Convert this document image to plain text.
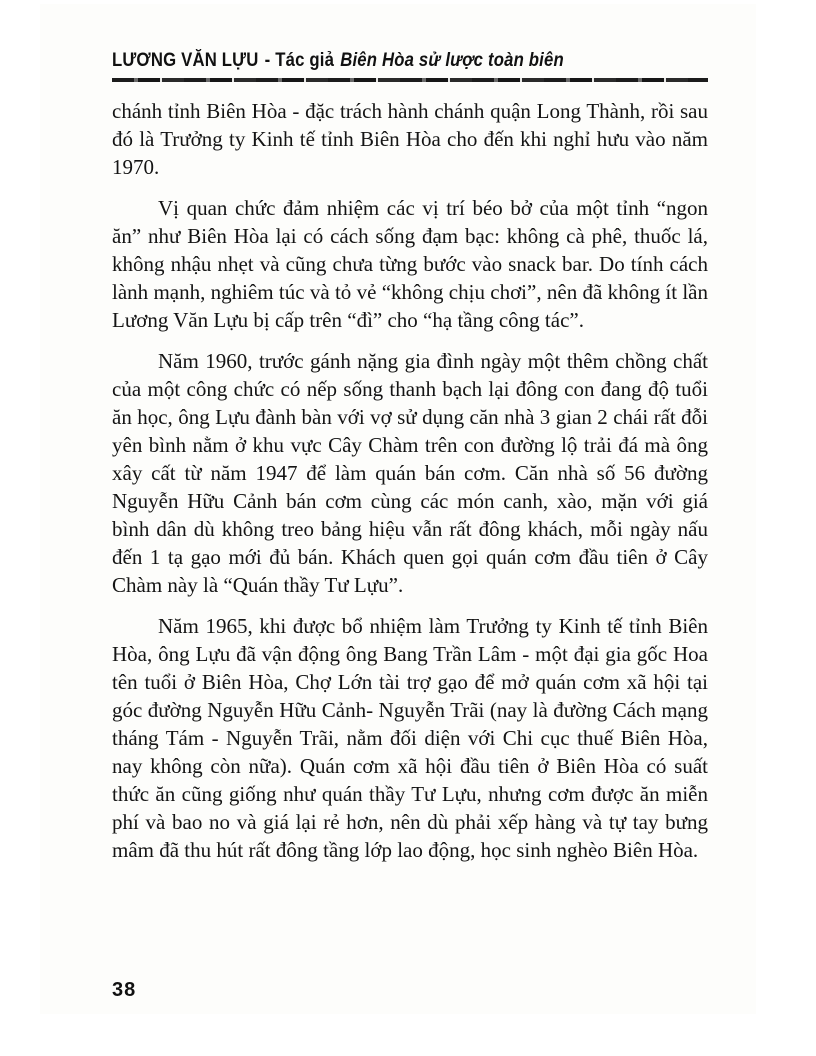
LƯƠNG VĂN LỰU - Tác giả Biên Hòa sử lược toàn biên

chánh tỉnh Biên Hòa - đặc trách hành chánh quận Long Thành, rồi sau đó là Trưởng ty Kinh tế tỉnh Biên Hòa cho đến khi nghỉ hưu vào năm 1970.

Vị quan chức đảm nhiệm các vị trí béo bở của một tỉnh “ngon ăn” như Biên Hòa lại có cách sống đạm bạc: không cà phê, thuốc lá, không nhậu nhẹt và cũng chưa từng bước vào snack bar. Do tính cách lành mạnh, nghiêm túc và tỏ vẻ “không chịu chơi”, nên đã không ít lần Lương Văn Lựu bị cấp trên “đì” cho “hạ tầng công tác”.

Năm 1960, trước gánh nặng gia đình ngày một thêm chồng chất của một công chức có nếp sống thanh bạch lại đông con đang độ tuổi ăn học, ông Lựu đành bàn với vợ sử dụng căn nhà 3 gian 2 chái rất đỗi yên bình nằm ở khu vực Cây Chàm trên con đường lộ trải đá mà ông xây cất từ năm 1947 để làm quán bán cơm. Căn nhà số 56 đường Nguyễn Hữu Cảnh bán cơm cùng các món canh, xào, mặn với giá bình dân dù không treo bảng hiệu vẫn rất đông khách, mỗi ngày nấu đến 1 tạ gạo mới đủ bán. Khách quen gọi quán cơm đầu tiên ở Cây Chàm này là “Quán thầy Tư Lựu”.

Năm 1965, khi được bổ nhiệm làm Trưởng ty Kinh tế tỉnh Biên Hòa, ông Lựu đã vận động ông Bang Trần Lâm - một đại gia gốc Hoa tên tuổi ở Biên Hòa, Chợ Lớn tài trợ gạo để mở quán cơm xã hội tại góc đường Nguyễn Hữu Cảnh- Nguyễn Trãi (nay là đường Cách mạng tháng Tám - Nguyễn Trãi, nằm đối diện với Chi cục thuế Biên Hòa, nay không còn nữa). Quán cơm xã hội đầu tiên ở Biên Hòa có suất thức ăn cũng giống như quán thầy Tư Lựu, nhưng cơm được ăn miễn phí và bao no và giá lại rẻ hơn, nên dù phải xếp hàng và tự tay bưng mâm đã thu hút rất đông tầng lớp lao động, học sinh nghèo Biên Hòa.

38
